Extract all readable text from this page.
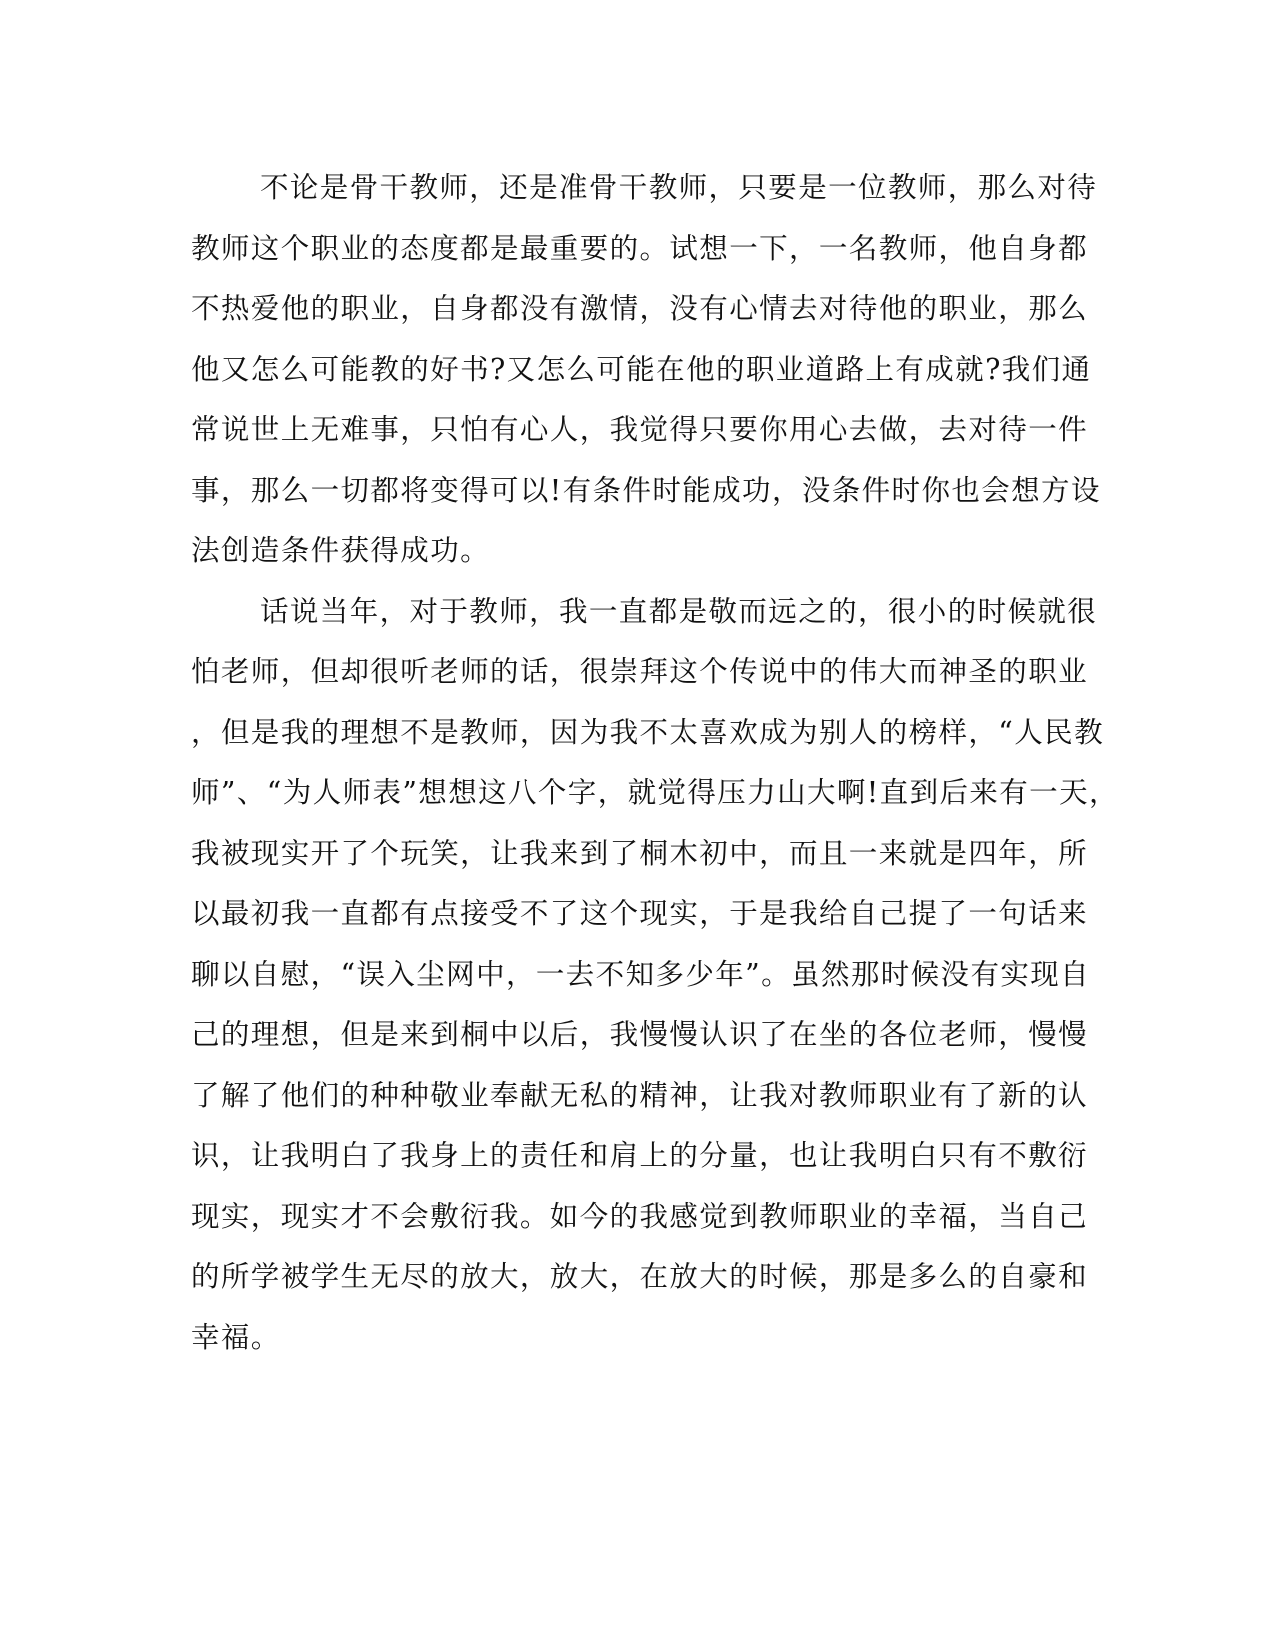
不论是骨干教师，还是准骨干教师，只要是一位教师，那么对待
教师这个职业的态度都是最重要的。试想一下，一名教师，他自身都
不热爱他的职业，自身都没有激情，没有心情去对待他的职业，那么
他又怎么可能教的好书?又怎么可能在他的职业道路上有成就?我们通
常说世上无难事，只怕有心人，我觉得只要你用心去做，去对待一件
事，那么一切都将变得可以!有条件时能成功，没条件时你也会想方设
法创造条件获得成功。
话说当年，对于教师，我一直都是敬而远之的，很小的时候就很
怕老师，但却很听老师的话，很崇拜这个传说中的伟大而神圣的职业
，但是我的理想不是教师，因为我不太喜欢成为别人的榜样，“人民教
师”、“为人师表”想想这八个字，就觉得压力山大啊!直到后来有一天，
我被现实开了个玩笑，让我来到了桐木初中，而且一来就是四年，所
以最初我一直都有点接受不了这个现实，于是我给自己提了一句话来
聊以自慰，“误入尘网中，一去不知多少年”。虽然那时候没有实现自
己的理想，但是来到桐中以后，我慢慢认识了在坐的各位老师，慢慢
了解了他们的种种敬业奉献无私的精神，让我对教师职业有了新的认
识，让我明白了我身上的责任和肩上的分量，也让我明白只有不敷衍
现实，现实才不会敷衍我。如今的我感觉到教师职业的幸福，当自己
的所学被学生无尽的放大，放大，在放大的时候，那是多么的自豪和
幸福。
